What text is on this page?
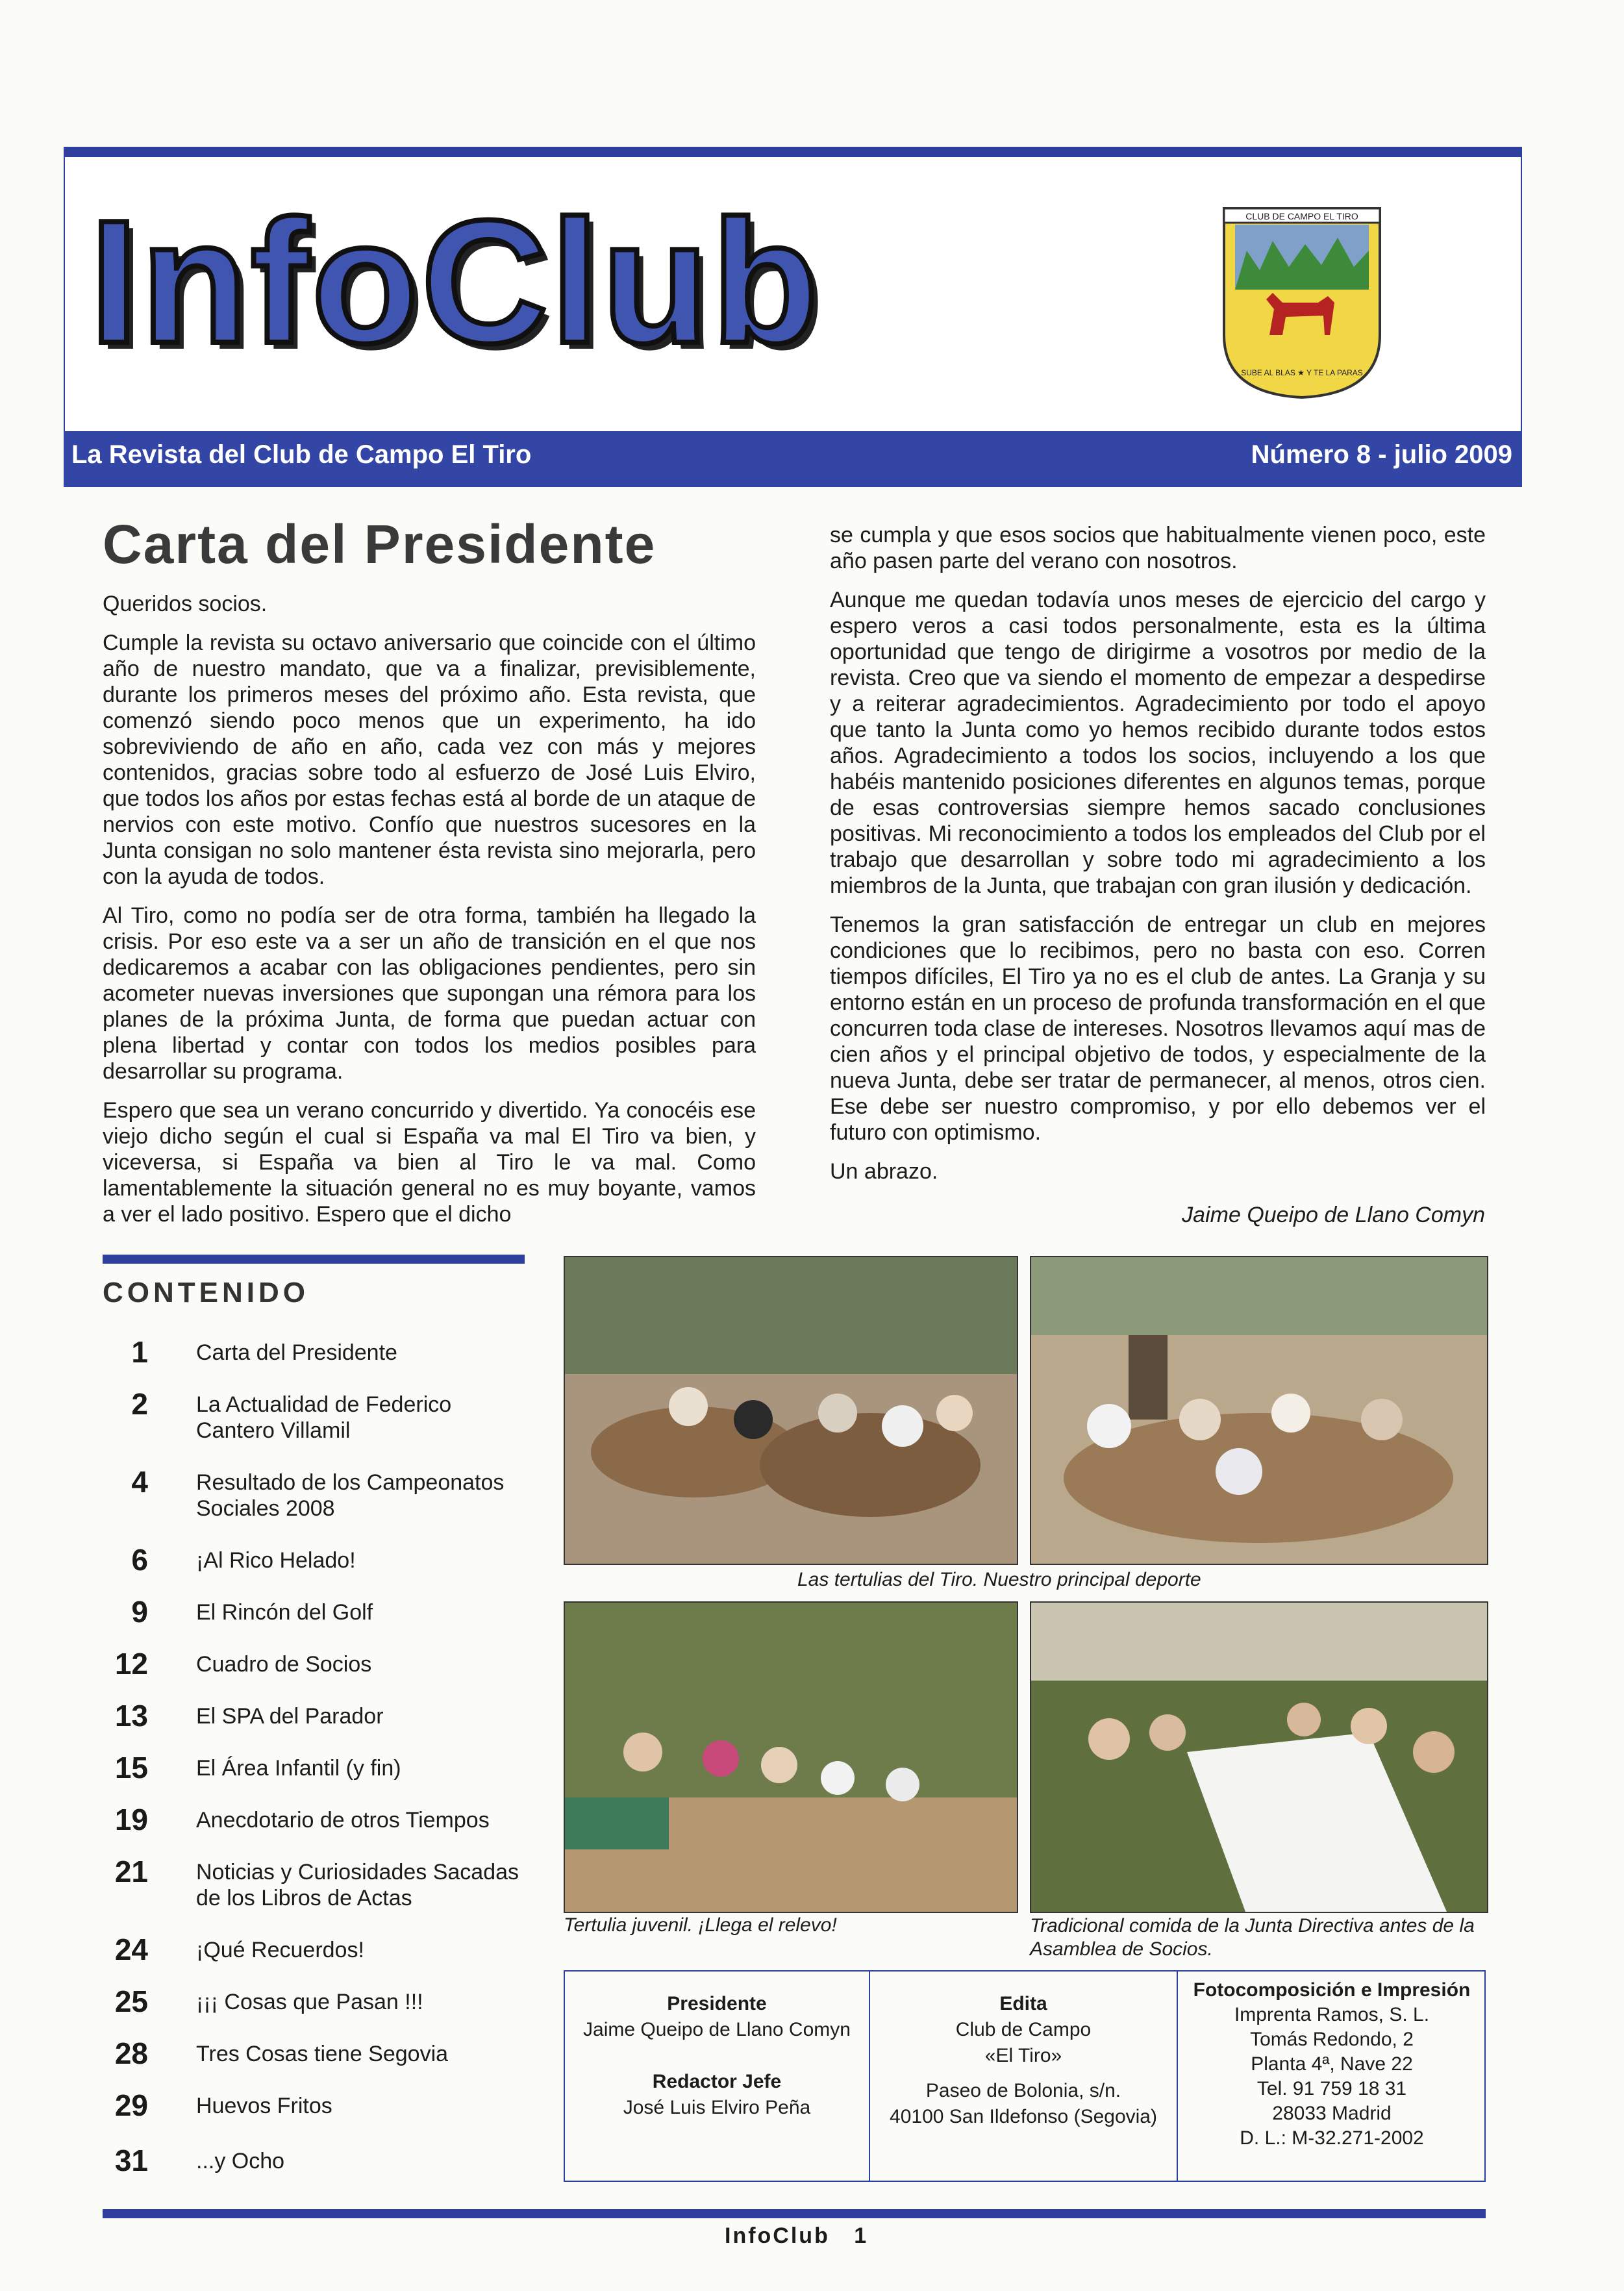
InfoClub	CLUB DE CAMPO EL TIRO
SUBE AL BLAS ★ Y TE LA PARAS
La Revista del Club de Campo El Tiro	Número 8 - julio 2009
Carta del Presidente

Queridos socios.

Cumple la revista su octavo aniversario que coincide con el último año de nuestro mandato, que va a finalizar, previsiblemente, durante los primeros meses del próximo año. Esta revista, que comenzó siendo poco menos que un experimento, ha ido sobreviviendo de año en año, cada vez con más y mejores contenidos, gracias sobre todo al esfuerzo de José Luis Elviro, que todos los años por estas fechas está al borde de un ataque de nervios con este motivo. Confío que nuestros sucesores en la Junta consigan no solo mantener ésta revista sino mejorarla, pero con la ayuda de todos.

Al Tiro, como no podía ser de otra forma, también ha llegado la crisis. Por eso este va a ser un año de transición en el que nos dedicaremos a acabar con las obligaciones pendientes, pero sin acometer nuevas inversiones que supongan una rémora para los planes de la próxima Junta, de forma que puedan actuar con plena libertad y contar con todos los medios posibles para desarrollar su programa.

Espero que sea un verano concurrido y divertido. Ya conocéis ese viejo dicho según el cual si España va mal El Tiro va bien, y viceversa, si España va bien al Tiro le va mal. Como lamentablemente la situación general no es muy boyante, vamos a ver el lado positivo. Espero que el dicho

se cumpla y que esos socios que habitualmente vienen poco, este año pasen parte del verano con nosotros.

Aunque me quedan todavía unos meses de ejercicio del cargo y espero veros a casi todos personalmente, esta es la última oportunidad que tengo de dirigirme a vosotros por medio de la revista. Creo que va siendo el momento de empezar a despedirse y a reiterar agradecimientos. Agradecimiento por todo el apoyo que tanto la Junta como yo hemos recibido durante todos estos años. Agradecimiento a todos los socios, incluyendo a los que habéis mantenido posiciones diferentes en algunos temas, porque de esas controversias siempre hemos sacado conclusiones positivas. Mi reconocimiento a todos los empleados del Club por el trabajo que desarrollan y sobre todo mi agradecimiento a los miembros de la Junta, que trabajan con gran ilusión y dedicación.

Tenemos la gran satisfacción de entregar un club en mejores condiciones que lo recibimos, pero no basta con eso. Corren tiempos difíciles, El Tiro ya no es el club de antes. La Granja y su entorno están en un proceso de profunda transformación en el que concurren toda clase de intereses. Nosotros llevamos aquí mas de cien años y el principal objetivo de todos, y especialmente de la nueva Junta, debe ser tratar de permanecer, al menos, otros cien. Ese debe ser nuestro compromiso, y por ello debemos ver el futuro con optimismo.

Un abrazo.

Jaime Queipo de Llano Comyn
CONTENIDO
1 Carta del Presidente
2 La Actualidad de Federico Cantero Villamil
4 Resultado de los Campeonatos Sociales 2008
6 ¡Al Rico Helado!
9 El Rincón del Golf
12 Cuadro de Socios
13 El SPA del Parador
15 El Área Infantil (y fin)
19 Anecdotario de otros Tiempos
21 Noticias y Curiosidades Sacadas de los Libros de Actas
24 ¡Qué Recuerdos!
25 ¡¡¡ Cosas que Pasan !!!
28 Tres Cosas tiene Segovia
29 Huevos Fritos
31 ...y Ocho
Las tertulias del Tiro. Nuestro principal deporte
Tertulia juvenil. ¡Llega el relevo!	Tradicional comida de la Junta Directiva antes de la Asamblea de Socios.
Presidente
Jaime Queipo de Llano Comyn
Redactor Jefe
José Luis Elviro Peña
Edita
Club de Campo
«El Tiro»
Paseo de Bolonia, s/n.
40100 San Ildefonso (Segovia)
Fotocomposición e Impresión
Imprenta Ramos, S. L.
Tomás Redondo, 2
Planta 4ª, Nave 22
Tel. 91 759 18 31
28033 Madrid
D. L.: M-32.271-2002
InfoClub 1
